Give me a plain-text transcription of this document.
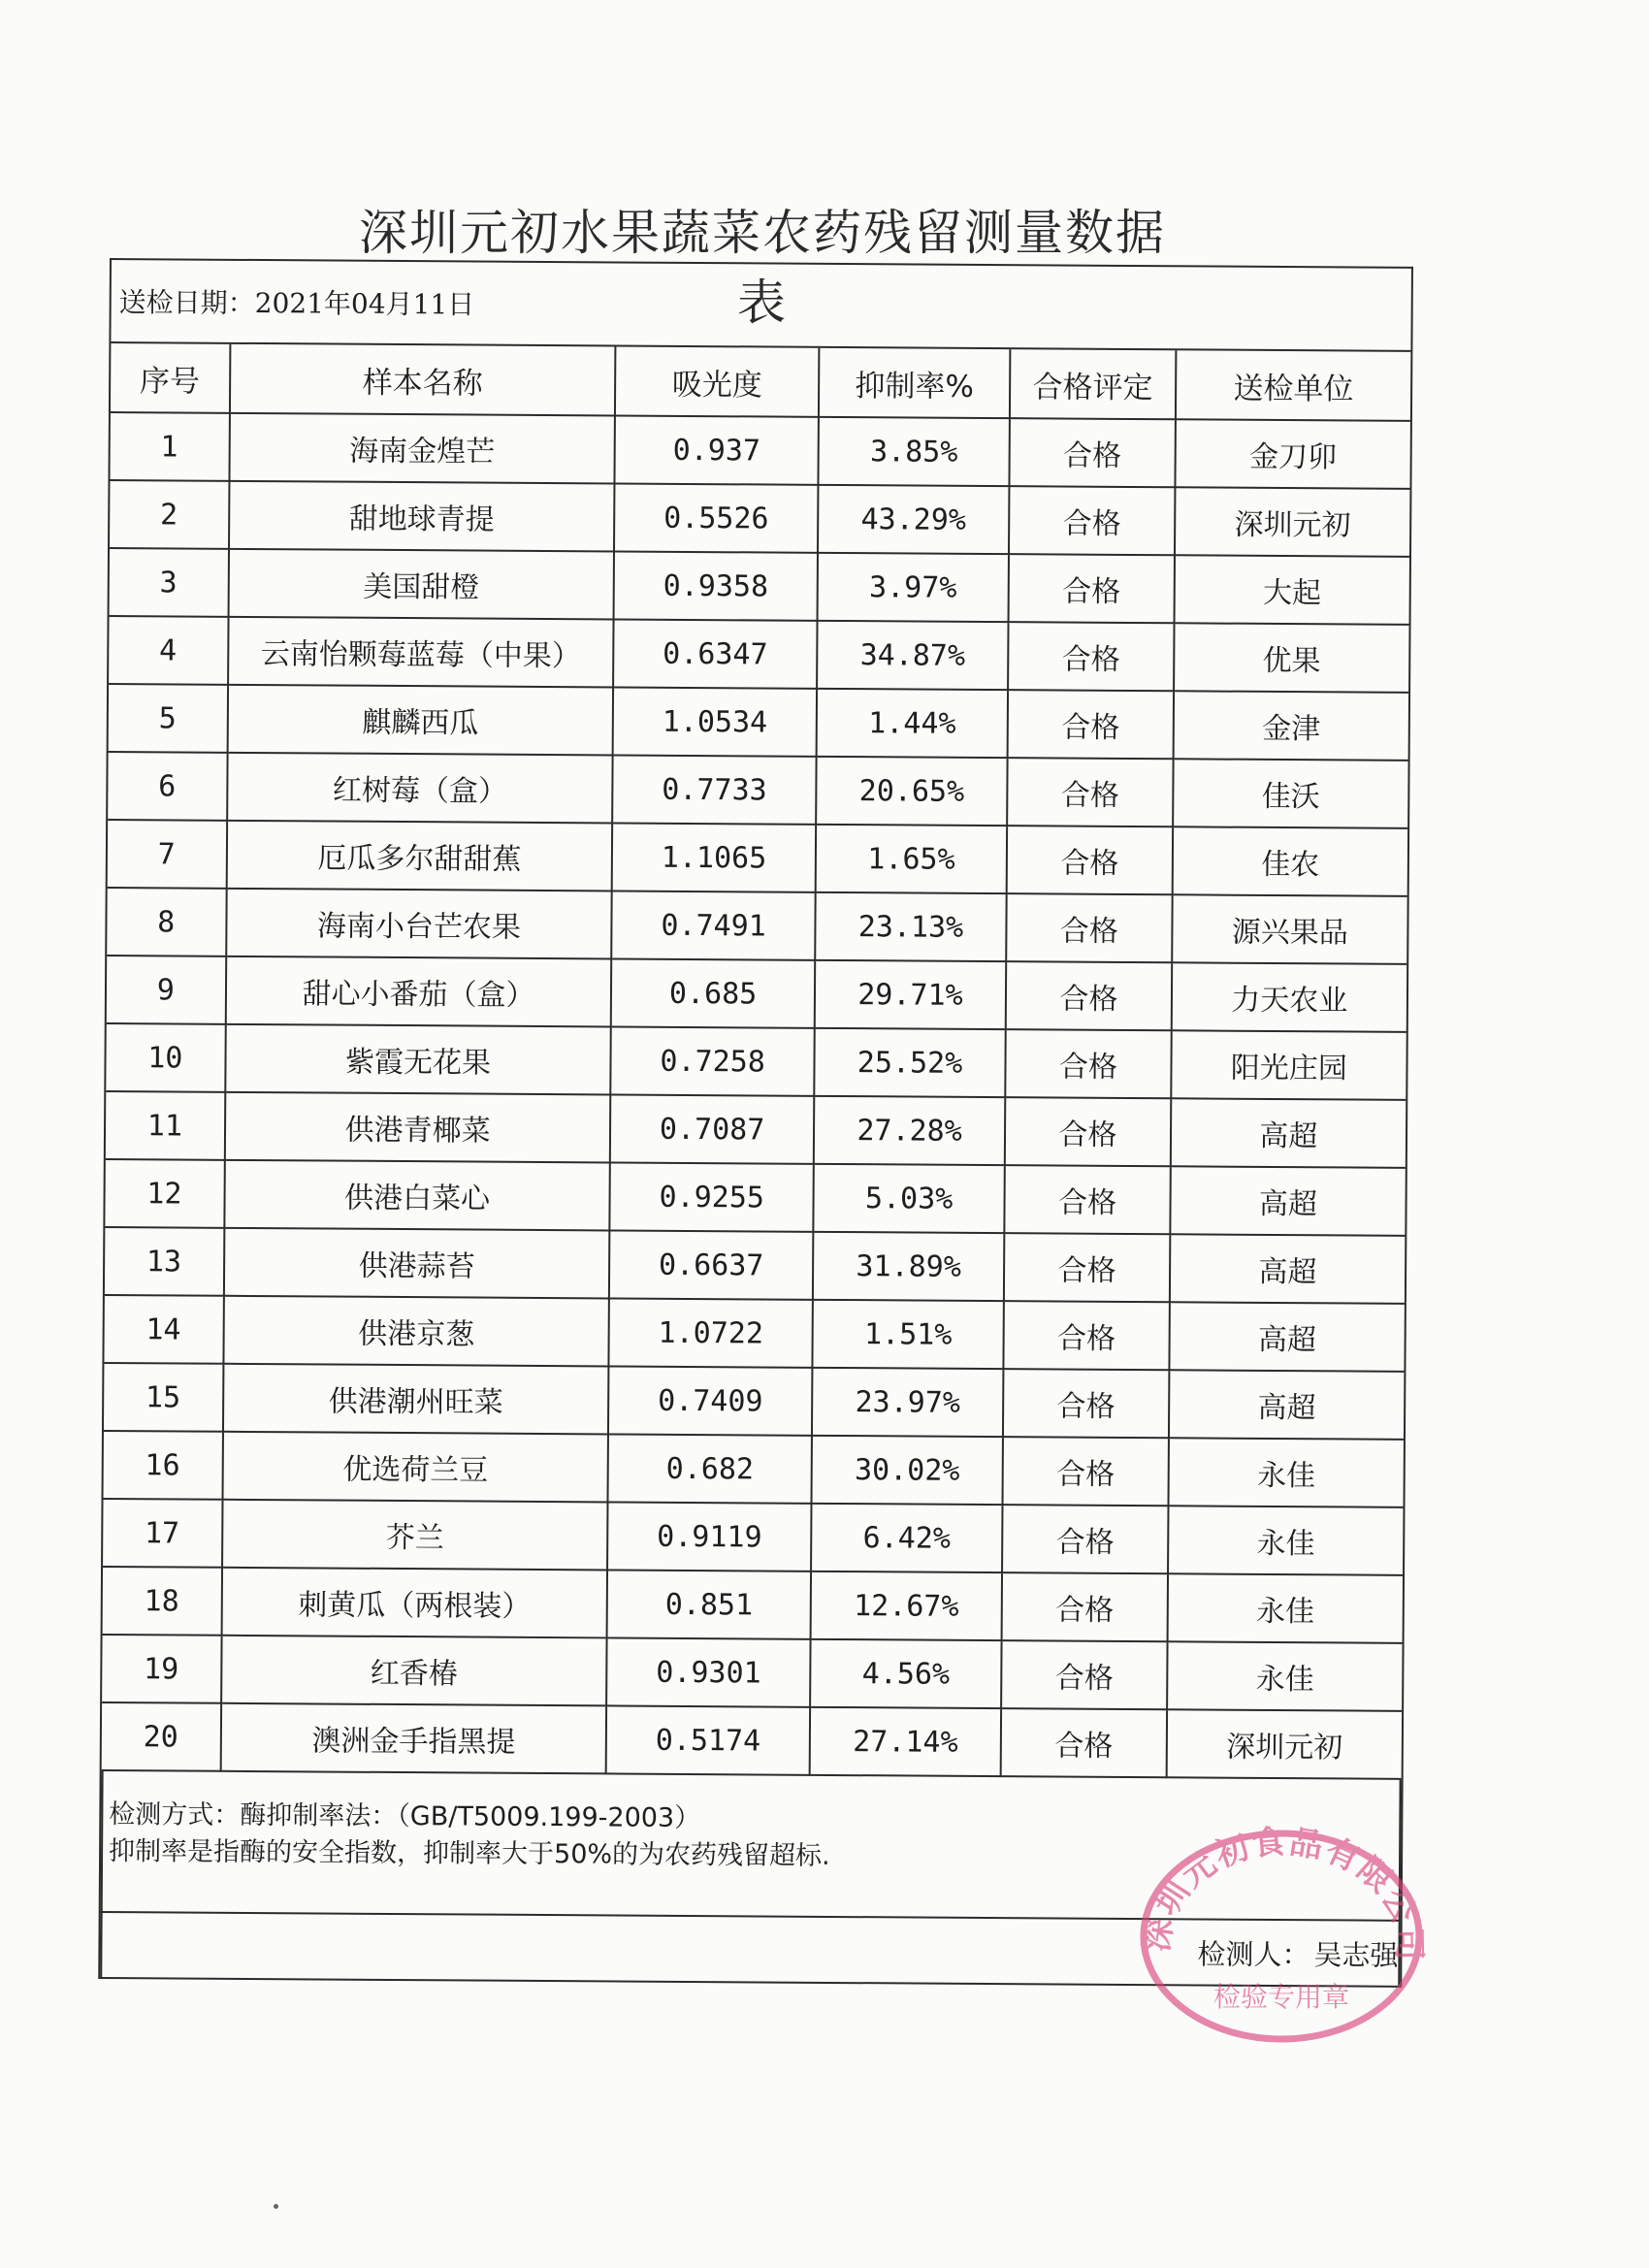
深圳元初水果蔬菜农药残留测量数据表
送检日期：2021年04月11日
序号	样本名称	吸光度	抑制率%	合格评定	送检单位
1	海南金煌芒	0.937	3.85%	合格	金刀卯
2	甜地球青提	0.5526	43.29%	合格	深圳元初
3	美国甜橙	0.9358	3.97%	合格	大起
4	云南怡颗莓蓝莓（中果）	0.6347	34.87%	合格	优果
5	麒麟西瓜	1.0534	1.44%	合格	金津
6	红树莓（盒）	0.7733	20.65%	合格	佳沃
7	厄瓜多尔甜甜蕉	1.1065	1.65%	合格	佳农
8	海南小台芒农果	0.7491	23.13%	合格	源兴果品
9	甜心小番茄（盒）	0.685	29.71%	合格	力天农业
10	紫霞无花果	0.7258	25.52%	合格	阳光庄园
11	供港青椰菜	0.7087	27.28%	合格	高超
12	供港白菜心	0.9255	5.03%	合格	高超
13	供港蒜苔	0.6637	31.89%	合格	高超
14	供港京葱	1.0722	1.51%	合格	高超
15	供港潮州旺菜	0.7409	23.97%	合格	高超
16	优选荷兰豆	0.682	30.02%	合格	永佳
17	芥兰	0.9119	6.42%	合格	永佳
18	刺黄瓜（两根装）	0.851	12.67%	合格	永佳
19	红香椿	0.9301	4.56%	合格	永佳
20	澳洲金手指黑提	0.5174	27.14%	合格	深圳元初
检测方式：酶抑制率法：（GB/T5009.199-2003）
抑制率是指酶的安全指数，抑制率大于50%的为农药残留超标.
检测人： 吴志强
深圳元初食品有限公司
检验专用章
